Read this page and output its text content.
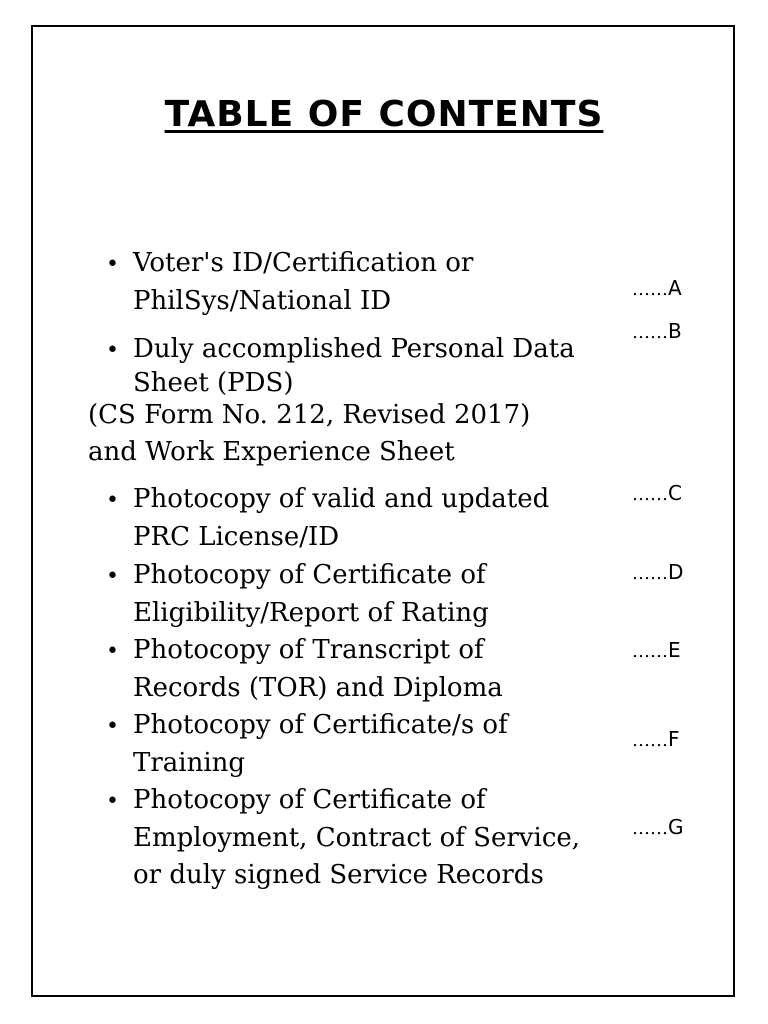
TABLE OF CONTENTS
• Voter's ID/Certification or
PhilSys/National ID	……A
• Duly accomplished Personal Data
Sheet (PDS)
(CS Form No. 212, Revised 2017)
and Work Experience Sheet
……B
• Photocopy of valid and updated
PRC License/ID
……C
• Photocopy of Certificate of
Eligibility/Report of Rating
……D
• Photocopy of Transcript of
Records (TOR) and Diploma
……E
• Photocopy of Certificate/s of
Training
……F
• Photocopy of Certificate of
Employment, Contract of Service,
or duly signed Service Records
……G
